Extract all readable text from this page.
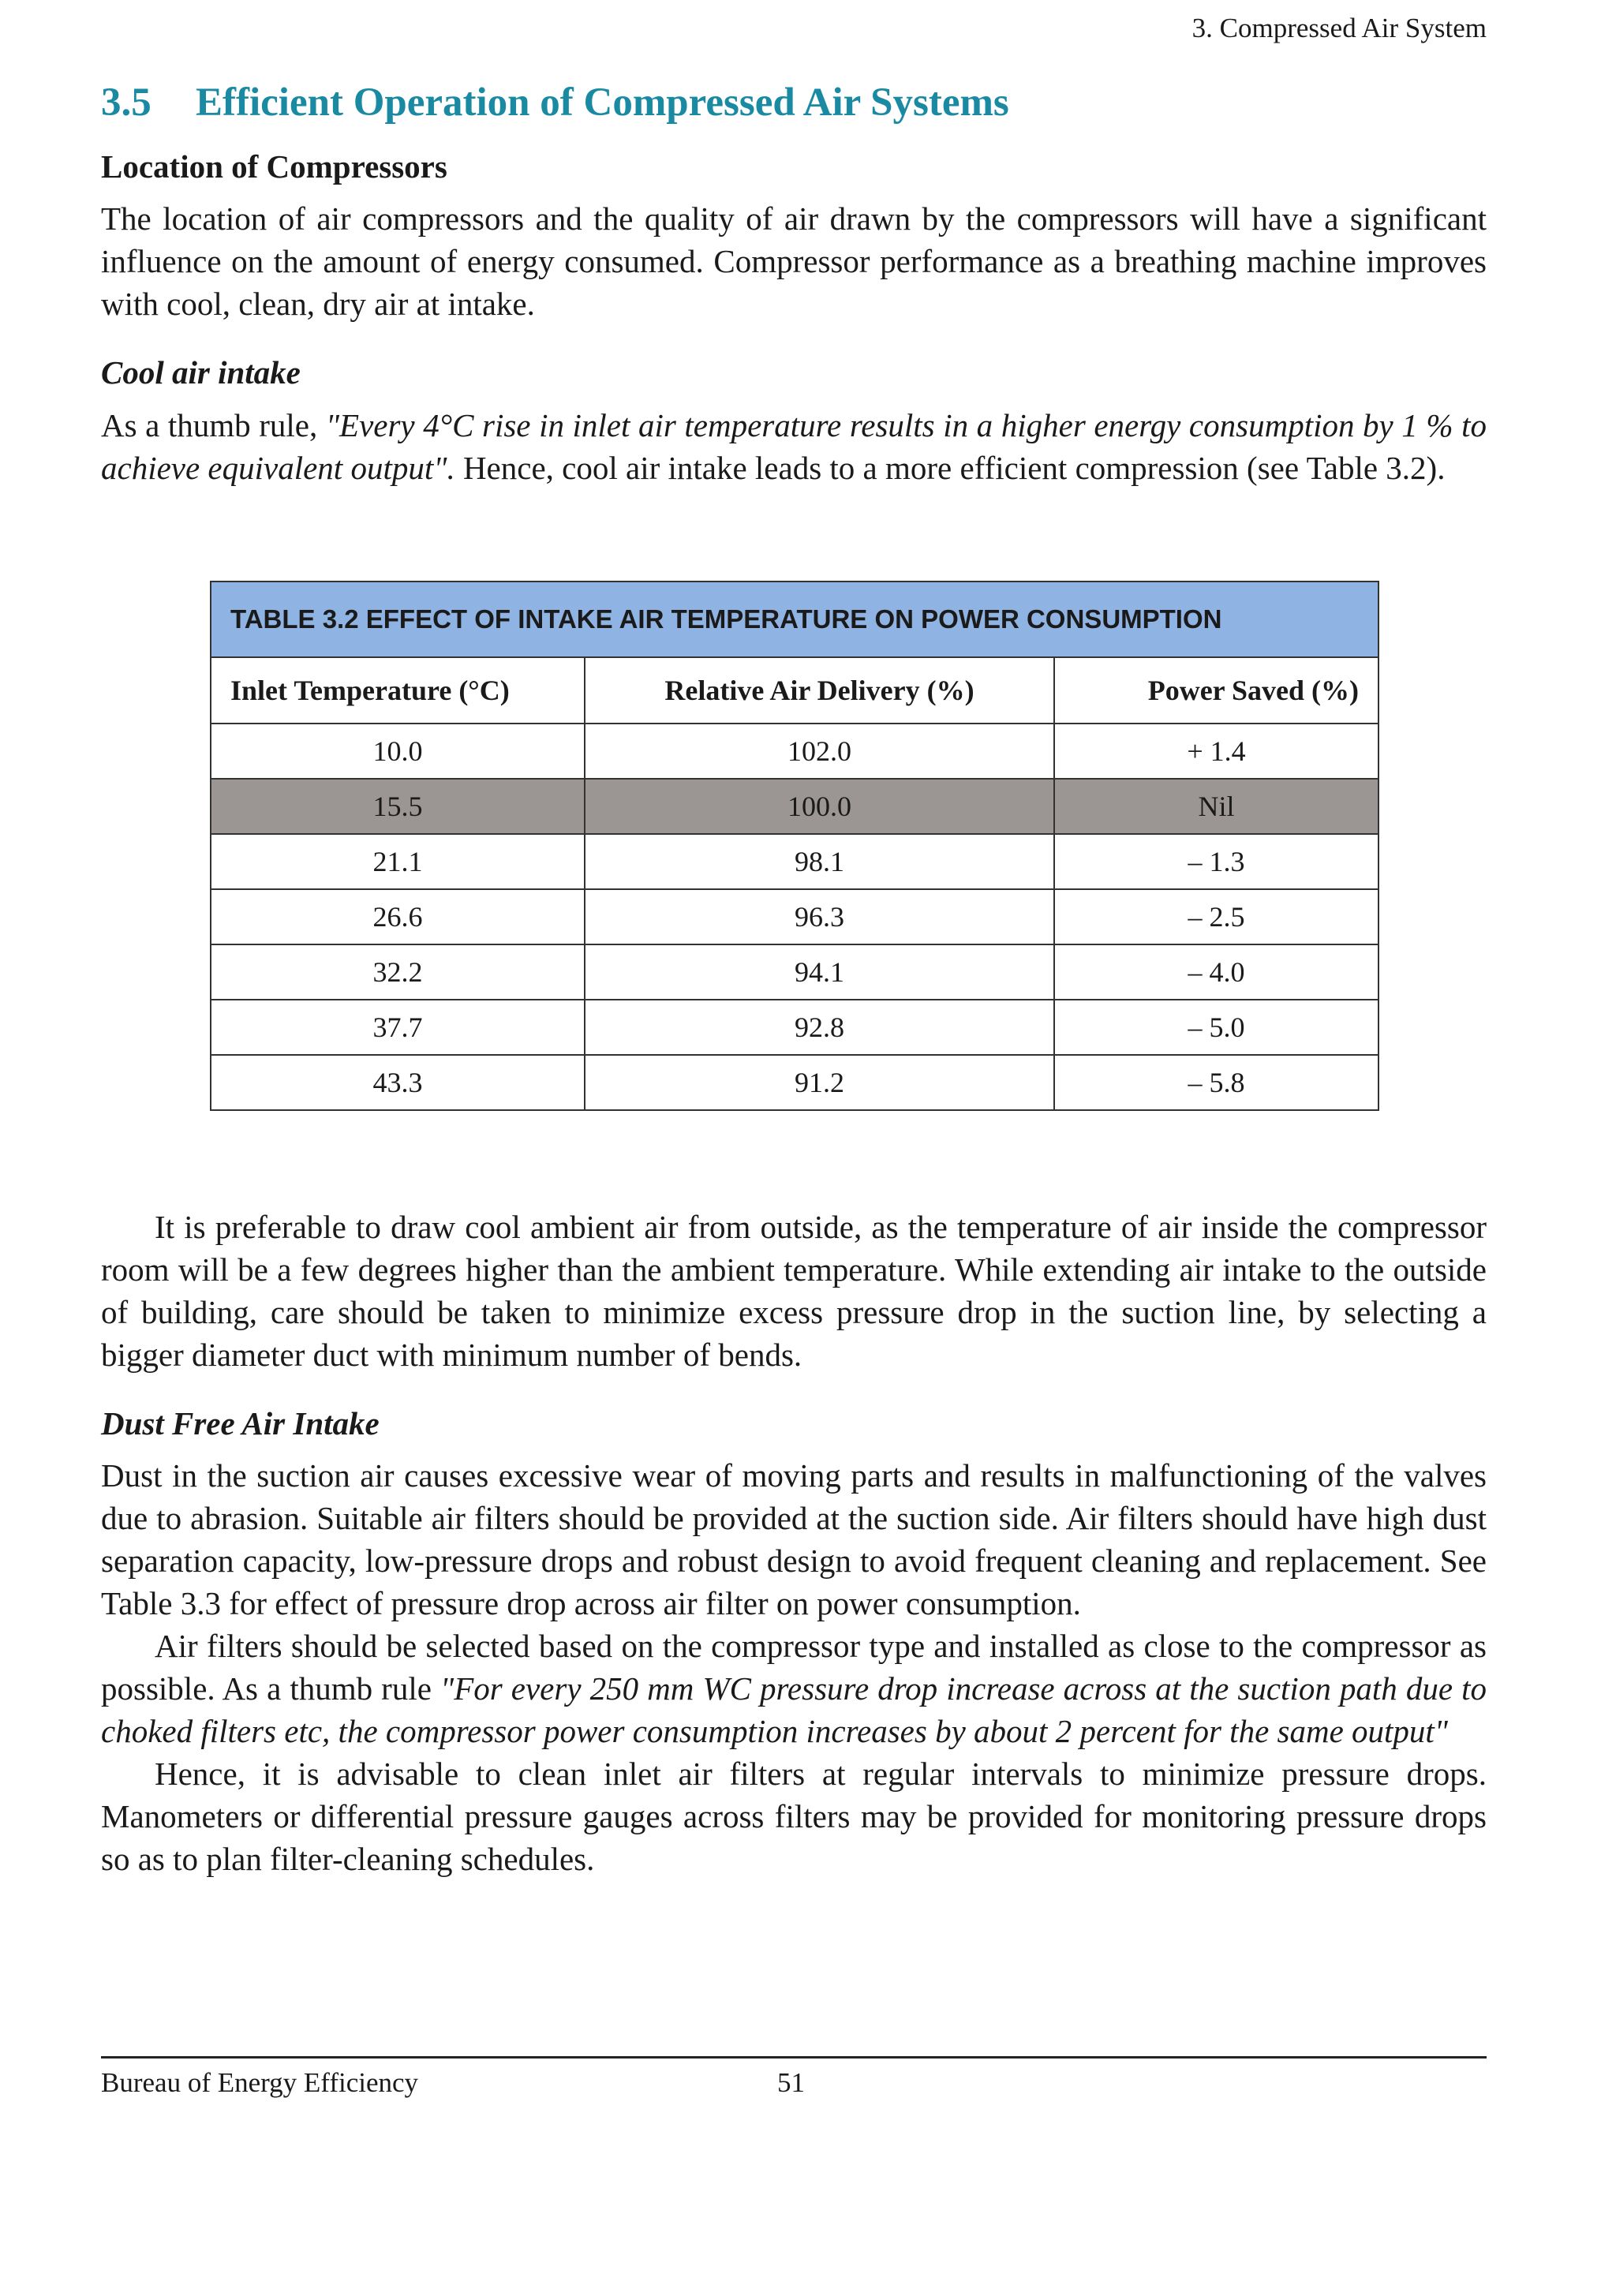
3. Compressed Air System
3.5 Efficient Operation of Compressed Air Systems
Location of Compressors

The location of air compressors and the quality of air drawn by the compressors will have a significant influence on the amount of energy consumed. Compressor performance as a breathing machine improves with cool, clean, dry air at intake.

Cool air intake

As a thumb rule, "Every 4°C rise in inlet air temperature results in a higher energy consumption by 1 % to achieve equivalent output". Hence, cool air intake leads to a more efficient compression (see Table 3.2).

TABLE 3.2
EFFECT OF INTAKE AIR TEMPERATURE ON POWER CONSUMPTION		

Inlet Temperature (°C)	Relative Air Delivery (%)	Power Saved (%)
10.0	102.0	+ 1.4
15.5	100.0	Nil
21.1	98.1	– 1.3
26.6	96.3	– 2.5
32.2	94.1	– 4.0
37.7	92.8	– 5.0
43.3	91.2	– 5.8

It is preferable to draw cool ambient air from outside, as the temperature of air inside the compressor room will be a few degrees higher than the ambient temperature. While extending air intake to the outside of building, care should be taken to minimize excess pressure drop in the suction line, by selecting a bigger diameter duct with minimum number of bends.

Dust Free Air Intake

Dust in the suction air causes excessive wear of moving parts and results in malfunctioning of the valves due to abrasion. Suitable air filters should be provided at the suction side. Air filters should have high dust separation capacity, low-pressure drops and robust design to avoid frequent cleaning and replacement. See Table 3.3 for effect of pressure drop across air filter on power consumption.

Air filters should be selected based on the compressor type and installed as close to the compressor as possible. As a thumb rule "For every 250 mm WC pressure drop increase across at the suction path due to choked filters etc, the compressor power consumption increases by about 2 percent for the same output"

Hence, it is advisable to clean inlet air filters at regular intervals to minimize pressure drops. Manometers or differential pressure gauges across filters may be provided for monitoring pressure drops so as to plan filter-cleaning schedules.

Bureau of Energy Efficiency	51
